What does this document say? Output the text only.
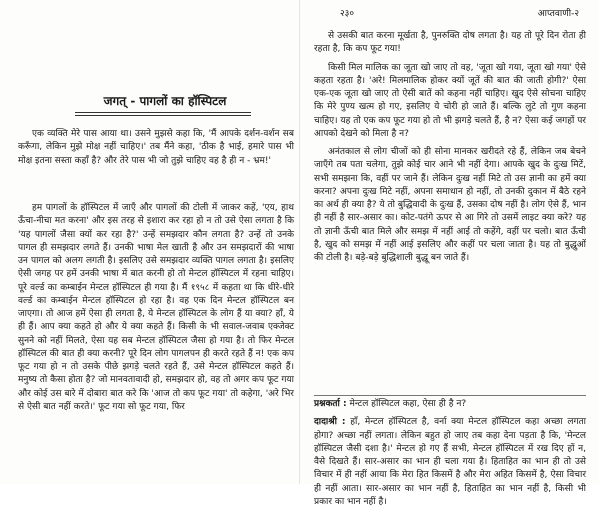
जगत् - पागलों का हॉस्पिटल

एक व्यक्ति मेरे पास आया था। उसने मुझसे कहा कि, 'मैं आपके दर्शन-वर्शन सब करूँगा, लेकिन मुझे मोक्ष नहीं चाहिए।' तब मैंने कहा, 'ठीक है भाई, हमारे पास भी मोक्ष इतना सस्ता कहाँ है? और तेरे पास भी जो तुझे चाहिए वह है ही न - भ्रम!'

हम पागलों के हॉस्पिटल में जाएँ और पागलों की टोली में जाकर कहें, 'एय, हाथ ऊँचा-नीचा मत करना' और इस तरह से इशारा कर रहा हो न तो उसे ऐसा लगता है कि 'यह पागलों जैसा क्यों कर रहा है?' उन्हें समझदार कौन लगता है? उन्हें तो उनके पागल ही समझदार लगते हैं। उनकी भाषा मेल खाती है और उन समझदारों की भाषा उन पागल को अलग लगती है। इसलिए उसे समझदार व्यक्ति पागल लगता है। इसलिए ऐसी जगह पर हमें उनकी भाषा में बात करनी हो तो मेन्टल हॉस्पिटल में रहना चाहिए। पूरे वर्ल्ड का कम्बाईन मेन्टल हॉस्पिटल ही गया है। मैं १९५८ में कहता था कि धीरे-धीरे वर्ल्ड का कम्बाईन मेन्टल हॉस्पिटल हो रहा है। वह एक दिन मेन्टल हॉस्पिटल बन जाएगा। तो आज हमें ऐसा ही लगता है, ये मेन्टल हॉस्पिटल के लोग हैं या क्या? हाँ, ये ही हैं। आप क्या कहते हो और ये क्या कहते हैं। किसी के भी सवाल-जवाब एक्जेक्ट सुनने को नहीं मिलते, ऐसा यह सब मेन्टल हॉस्पिटल जैसा हो गया है। तो फिर मेन्टल हॉस्पिटल की बात ही क्या करनी? पूरे दिन लोग पागलपन ही करते रहते हैं न! एक कप फूट गया हो न तो उसके पीछे झगड़े चलते रहते हैं, उसे मेन्टल हॉस्पिटल कहते हैं। मनुष्य तो कैसा होता है? जो मानवतावादी हो, समझदार हो, वह तो अगर कप फूट गया और कोई उस बारे में दोबारा बात करे कि 'आज तो कप फूट गया' तो कहेगा, 'अरे भिर से ऐसी बात नहीं करते।' फूट गया सो फूट गया, फिर

२३०	आप्तवाणी-२

से उसकी बात करना मूर्खता है, पुनरुक्ति दोष लगता है। यह तो पूरे दिन रोता ही रहता है, कि कप फूट गया!

किसी मिल मालिक का जूता खो जाए तो वह, 'जूता खो गया, जूता खो गया' ऐसे कहता रहता है। 'अरे! मिलमालिक होकर क्यों जूतें की बात की जाती होगी?' ऐसा एक-एक जूता खो जाए तो ऐसी बातें को कहना नहीं चाहिए। खुद ऐसे सोचना चाहिए कि मेरे पुण्य खत्म हो गए, इसलिए ये चोरी हो जाते हैं। बल्कि लुटे तो गुण कहना चाहिए। यह तो एक कप फूट गया हो तो भी झगड़े चलते हैं, है न? ऐसा कई जगहों पर आपको देखने को मिला है न?

अनंतकाल से लोग चीजों को ही सोना मानकर खरीदते रहे हैं, लेकिन जब बेचने जाएँगे तब पता चलेगा, तुझे कोई चार आने भी नहीं देगा। आपके खुद के दुःख मिटें, सभी समझना कि, वहीं पर जाने हैं। लेकिन दुःख नहीं मिटे तो उस ज्ञानी का हमें क्या करना? अपना दुःख मिटे नहीं, अपना समाधान हो नहीं, तो उनकी दुकान में बैठे रहने का अर्थ ही क्या है? ये तो बुद्धिवादी के दुःख हैं, उसका दोष नहीं है। लोग ऐसे हैं, भान ही नहीं है सार-असार का। कोट-पतंगे ऊपर से आ गिरे तो उसमें लाइट क्या करे? यह तो ज्ञानी ऊँची बात मिले और समझ में नहीं आई तो कहेंगे, वहीं पर चलो। बात ऊँची है, खुद को समझ में नहीं आई इसलिए और कहीं पर चला जाता है। यह तो बुद्धुओं की टोली है। बड़े-बड़े बुद्धिशाली बुद्धू बन जाते हैं।

प्रश्नकर्ता : मेन्टल हॉस्पिटल कहा, ऐसा ही है न?

दादाश्री : हाँ, मेन्टल हॉस्पिटल है, वर्ना क्या मेन्टल हॉस्पिटल कहा अच्छा लगता होगा? अच्छा नहीं लगता। लेकिन बहुत हो जाए तब कहा देना पड़ता है कि, 'मेन्टल हॉस्पिटल जैसी दशा है।' मेन्टल हो गए हैं सभी, मेन्टल हॉस्पिटल में रख दिए हों न, वैसे दिखते हैं। सार-असार का भान ही चला गया है। हिताहित का भान ही तो उसे विचार में ही नहीं आया कि मेरा हित किसमें है और मेरा अहित किसमें है, ऐसा विचार ही नहीं आता। सार-असार का भान नहीं है, हिताहित का भान नहीं है, किसी भी प्रकार का भान नहीं है।
